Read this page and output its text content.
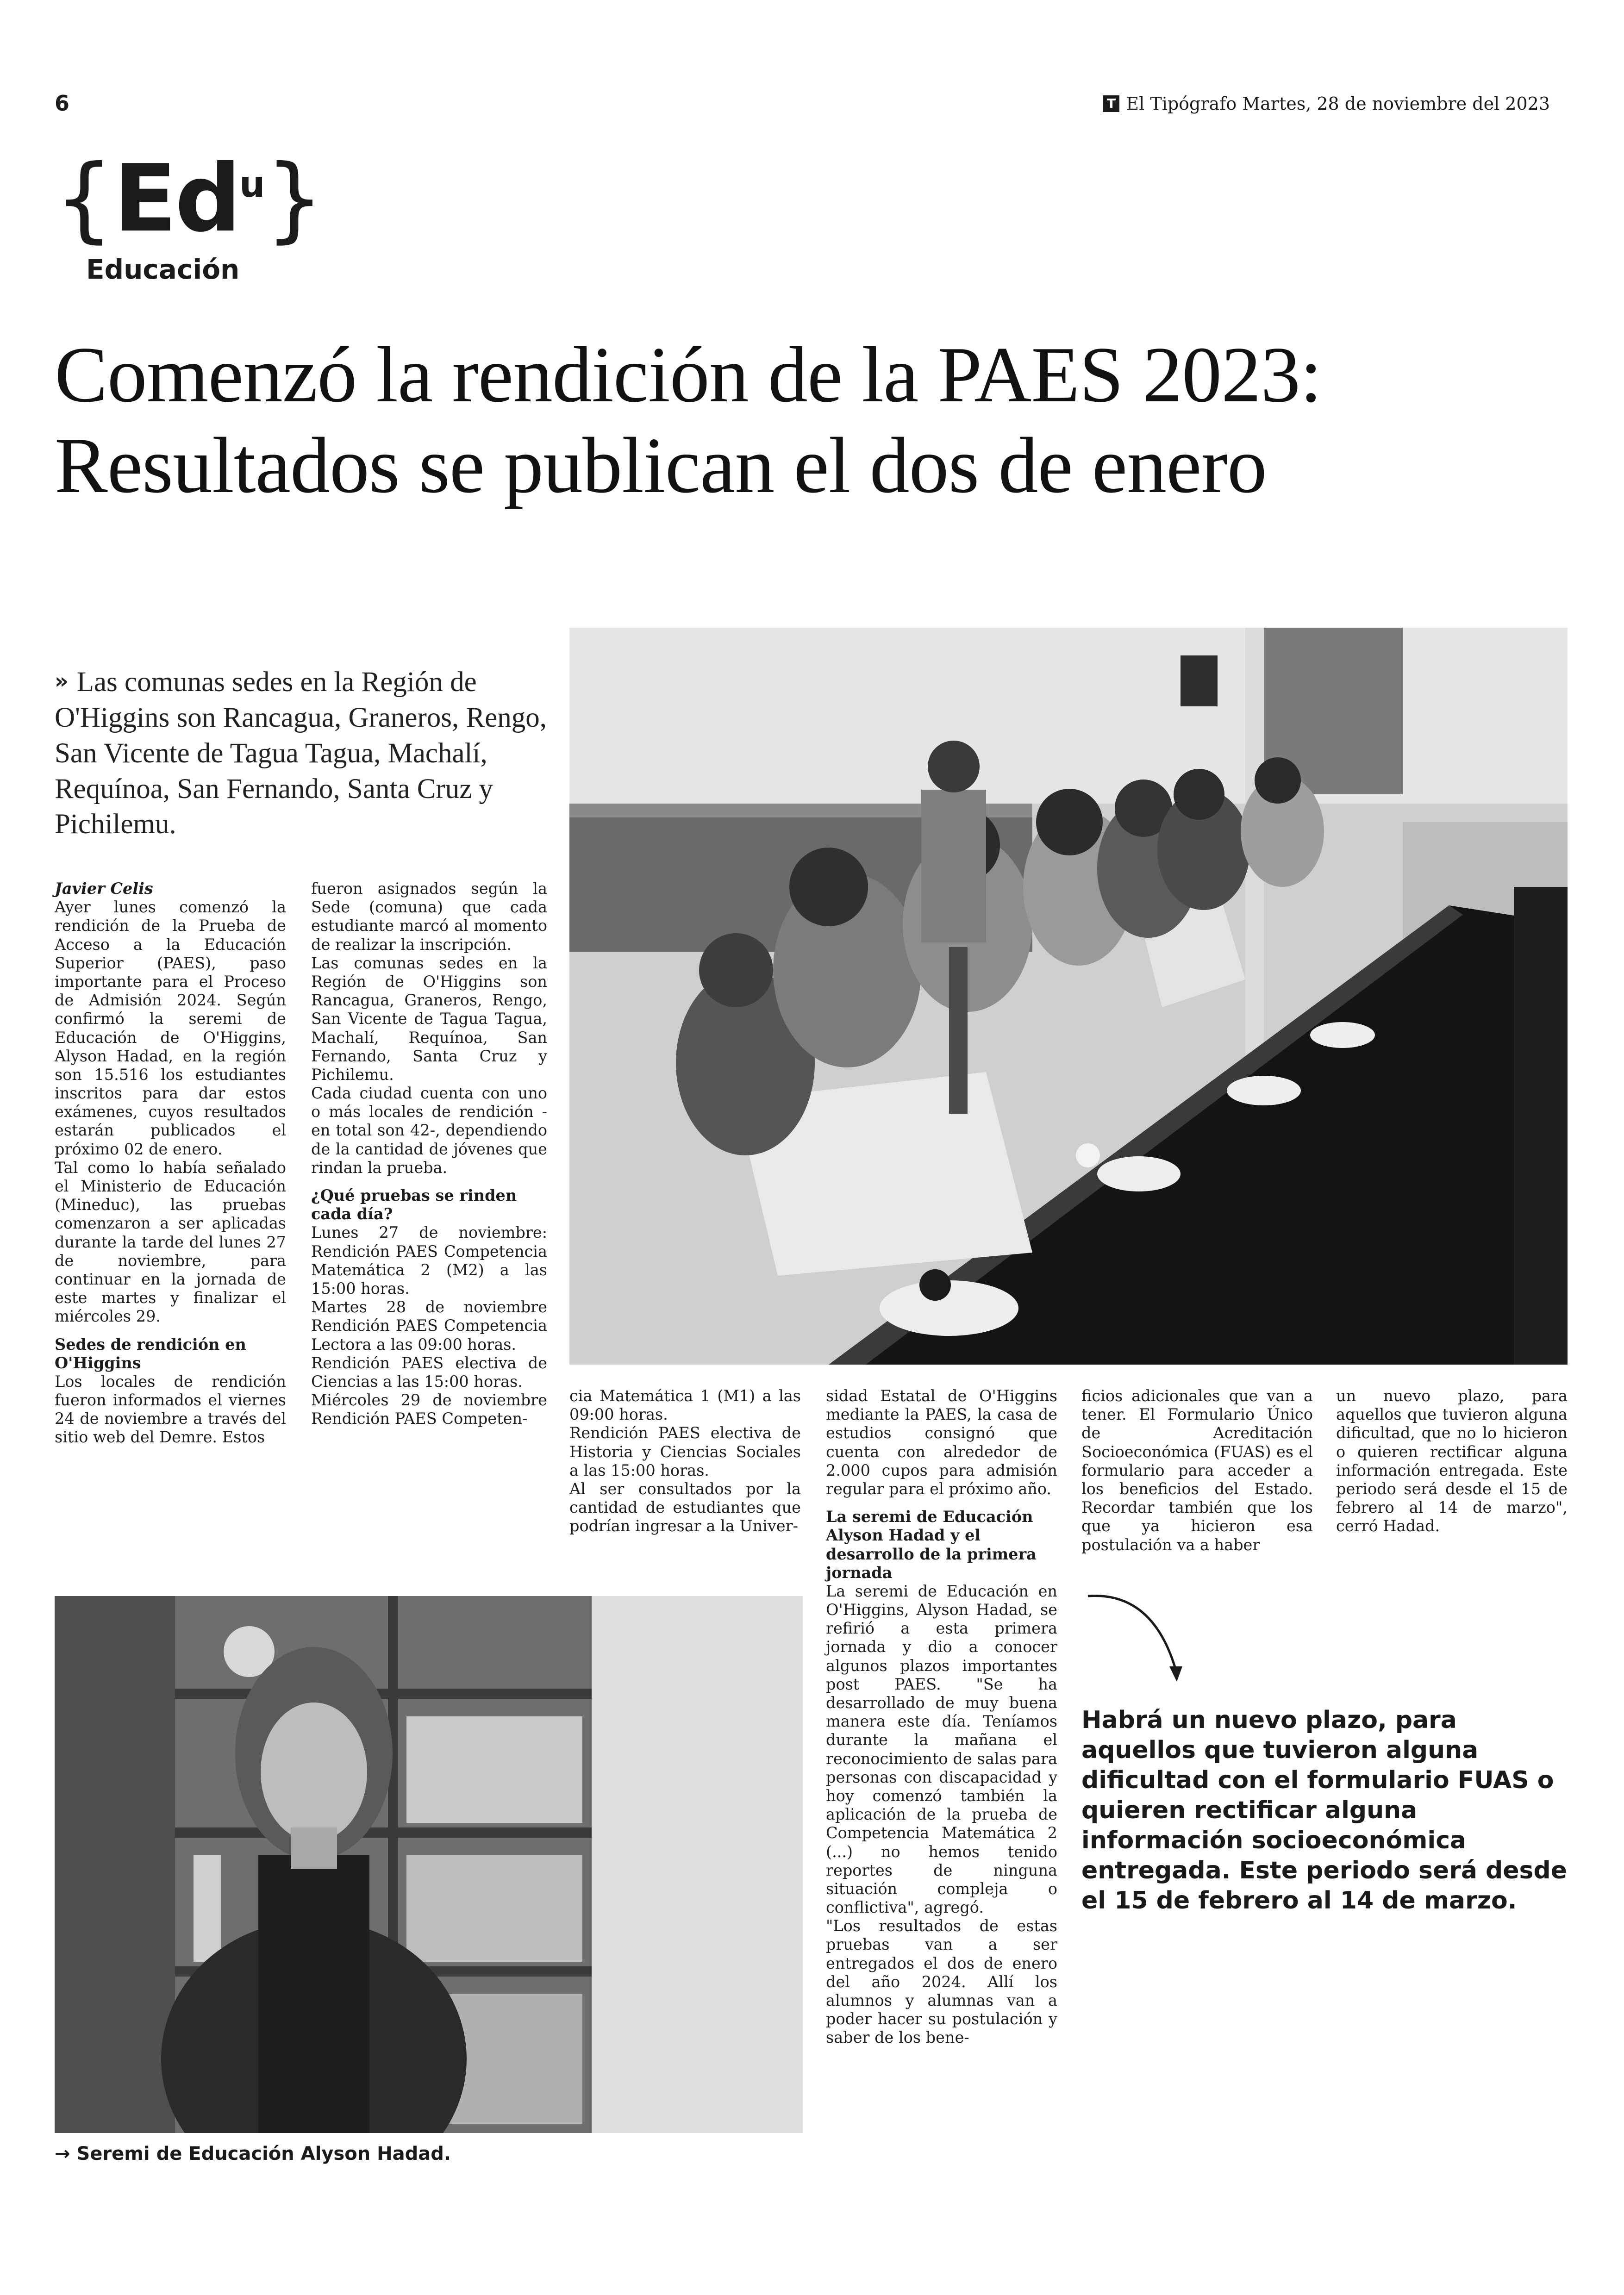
6	T El Tipógrafo Martes, 28 de noviembre del 2023
{Edu}
Educación
Comenzó la rendición de la PAES 2023:
Resultados se publican el dos de enero
» Las comunas sedes en la Región de O'Higgins son Rancagua, Graneros, Rengo, San Vicente de Tagua Tagua, Machalí, Requínoa, San Fernando, Santa Cruz y Pichilemu.

Javier Celis

Ayer lunes comenzó la rendición de la Prueba de Acceso a la Educación Superior (PAES), paso importante para el Proceso de Admisión 2024. Según confirmó la seremi de Educación de O'Higgins, Alyson Hadad, en la región son 15.516 los estudiantes inscritos para dar estos exámenes, cuyos resultados estarán publicados el próximo 02 de enero.

Tal como lo había señalado el Ministerio de Educación (Mineduc), las pruebas comenzaron a ser aplicadas durante la tarde del lunes 27 de noviembre, para continuar en la jornada de este martes y finalizar el miércoles 29.

Sedes de rendición en O'Higgins

Los locales de rendición fueron informados el viernes 24 de noviembre a través del sitio web del Demre. Estos

fueron asignados según la Sede (comuna) que cada estudiante marcó al momento de realizar la inscripción.

Las comunas sedes en la Región de O'Higgins son Rancagua, Graneros, Rengo, San Vicente de Tagua Tagua, Machalí, Requínoa, San Fernando, Santa Cruz y Pichilemu.

Cada ciudad cuenta con uno o más locales de rendición -en total son 42-, dependiendo de la cantidad de jóvenes que rindan la prueba.

¿Qué pruebas se rinden cada día?

Lunes 27 de noviembre: Rendición PAES Competencia Matemática 2 (M2) a las 15:00 horas.

Martes 28 de noviembre Rendición PAES Competencia Lectora a las 09:00 horas.

Rendición PAES electiva de Ciencias a las 15:00 horas.

Miércoles 29 de noviembre Rendición PAES Competen-

cia Matemática 1 (M1) a las 09:00 horas.

Rendición PAES electiva de Historia y Ciencias Sociales a las 15:00 horas.

Al ser consultados por la cantidad de estudiantes que podrían ingresar a la Univer-

sidad Estatal de O'Higgins mediante la PAES, la casa de estudios consignó que cuenta con alrededor de 2.000 cupos para admisión regular para el próximo año.

La seremi de Educación Alyson Hadad y el desarrollo de la primera jornada

La seremi de Educación en O'Higgins, Alyson Hadad, se refirió a esta primera jornada y dio a conocer algunos plazos importantes post PAES. "Se ha desarrollado de muy buena manera este día. Teníamos durante la mañana el reconocimiento de salas para personas con discapacidad y hoy comenzó también la aplicación de la prueba de Competencia Matemática 2 (...) no hemos tenido reportes de ninguna situación compleja o conflictiva", agregó.

"Los resultados de estas pruebas van a ser entregados el dos de enero del año 2024. Allí los alumnos y alumnas van a poder hacer su postulación y saber de los bene-

ficios adicionales que van a tener. El Formulario Único de Acreditación Socioeconómica (FUAS) es el formulario para acceder a los beneficios del Estado. Recordar también que los que ya hicieron esa postulación va a haber

un nuevo plazo, para aquellos que tuvieron alguna dificultad, que no lo hicieron o quieren rectificar alguna información entregada. Este periodo será desde el 15 de febrero al 14 de marzo", cerró Hadad.

Habrá un nuevo plazo, para aquellos que tuvieron alguna dificultad con el formulario FUAS o quieren rectificar alguna información socioeconómica entregada. Este periodo será desde el 15 de febrero al 14 de marzo.
→ Seremi de Educación Alyson Hadad.
